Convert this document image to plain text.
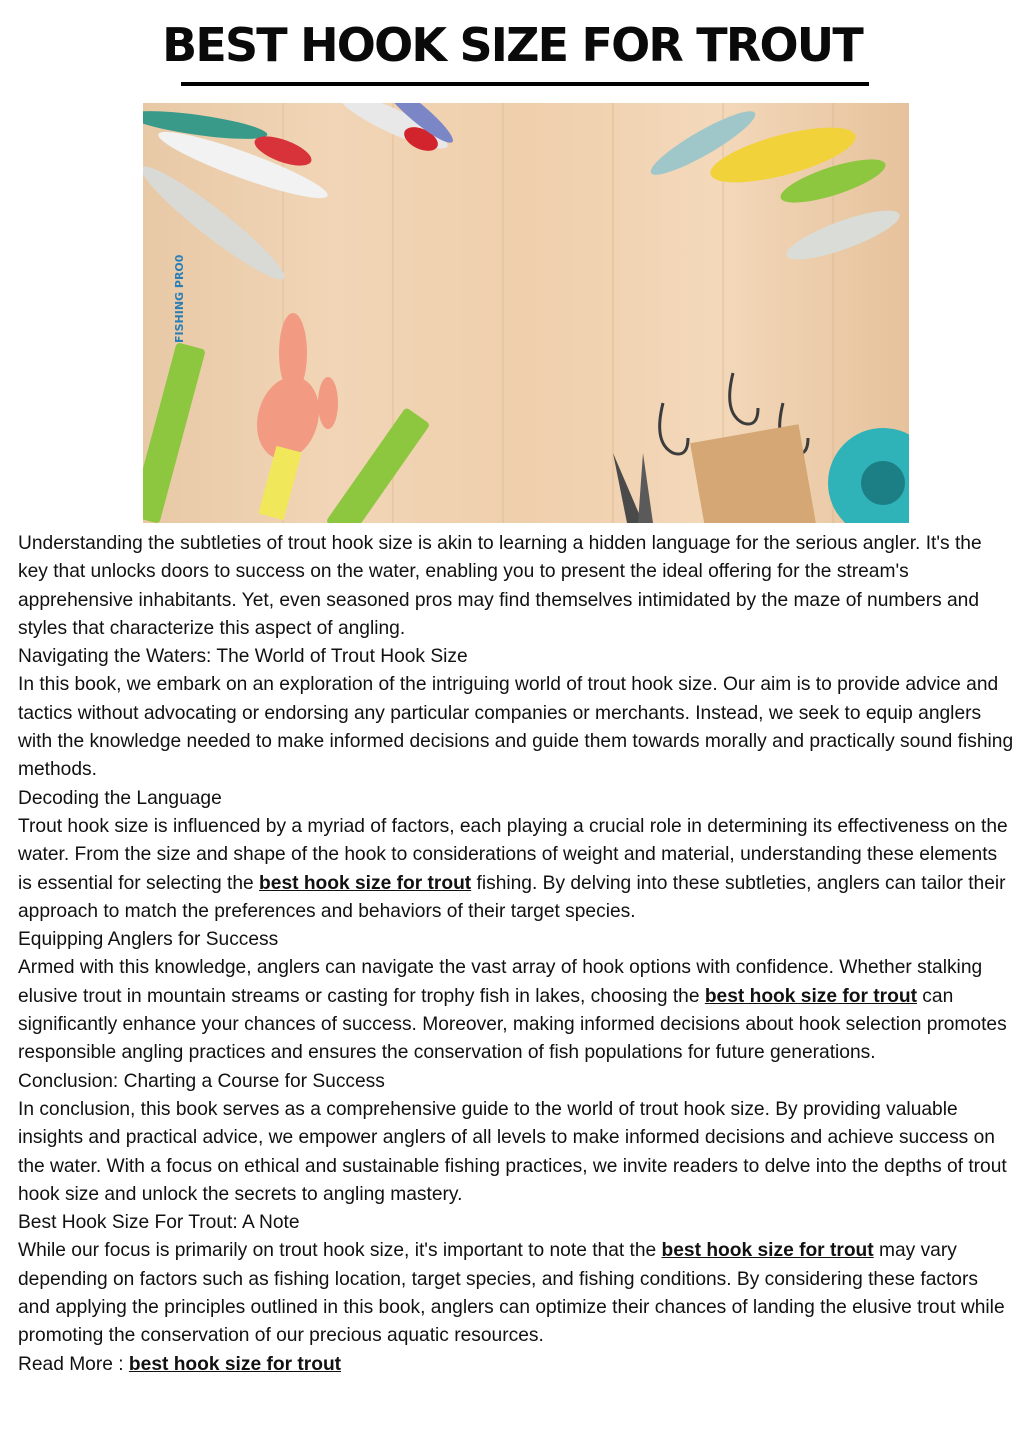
BEST HOOK SIZE FOR TROUT
FISHING PRO0

Understanding the subtleties of trout hook size is akin to learning a hidden language for the serious angler. It's the key that unlocks doors to success on the water, enabling you to present the ideal offering for the stream's apprehensive inhabitants. Yet, even seasoned pros may find themselves intimidated by the maze of numbers and styles that characterize this aspect of angling.

Navigating the Waters: The World of Trout Hook Size

In this book, we embark on an exploration of the intriguing world of trout hook size. Our aim is to provide advice and tactics without advocating or endorsing any particular companies or merchants. Instead, we seek to equip anglers with the knowledge needed to make informed decisions and guide them towards morally and practically sound fishing methods.

Decoding the Language

Trout hook size is influenced by a myriad of factors, each playing a crucial role in determining its effectiveness on the water. From the size and shape of the hook to considerations of weight and material, understanding these elements is essential for selecting the best hook size for trout fishing. By delving into these subtleties, anglers can tailor their approach to match the preferences and behaviors of their target species.

Equipping Anglers for Success

Armed with this knowledge, anglers can navigate the vast array of hook options with confidence. Whether stalking elusive trout in mountain streams or casting for trophy fish in lakes, choosing the best hook size for trout can significantly enhance your chances of success. Moreover, making informed decisions about hook selection promotes responsible angling practices and ensures the conservation of fish populations for future generations.

Conclusion: Charting a Course for Success

In conclusion, this book serves as a comprehensive guide to the world of trout hook size. By providing valuable insights and practical advice, we empower anglers of all levels to make informed decisions and achieve success on the water. With a focus on ethical and sustainable fishing practices, we invite readers to delve into the depths of trout hook size and unlock the secrets to angling mastery.

Best Hook Size For Trout: A Note

While our focus is primarily on trout hook size, it's important to note that the best hook size for trout may vary depending on factors such as fishing location, target species, and fishing conditions. By considering these factors and applying the principles outlined in this book, anglers can optimize their chances of landing the elusive trout while promoting the conservation of our precious aquatic resources.

Read More : best hook size for trout
